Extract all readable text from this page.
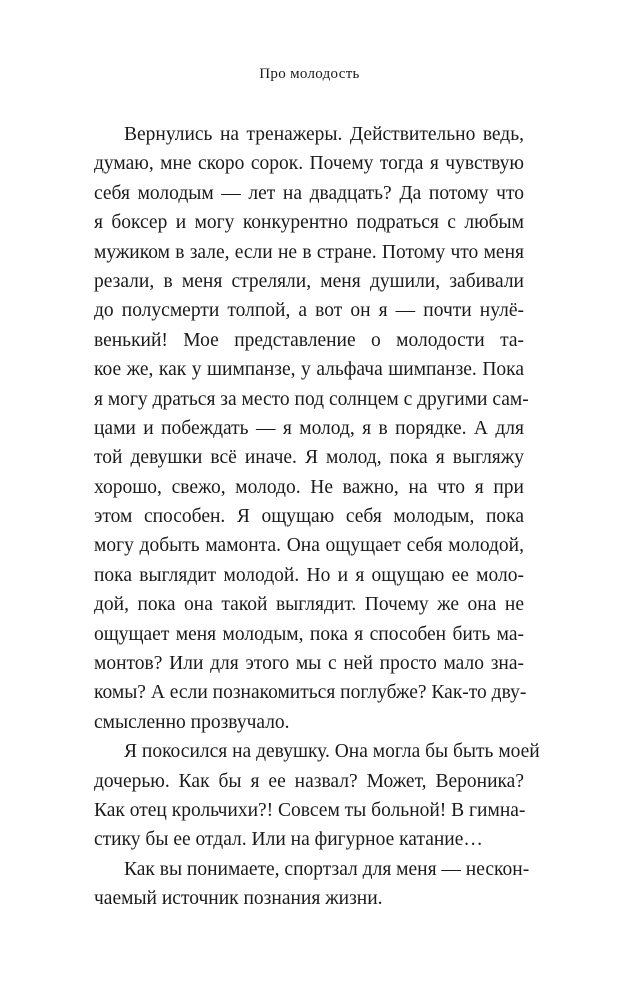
Про молодость
Вернулись на тренажеры. Действительно ведь,
думаю, мне скоро сорок. Почему тогда я чувствую
себя молодым — лет на двадцать? Да потому что
я боксер и могу конкурентно подраться с любым
мужиком в зале, если не в стране. Потому что меня
резали, в меня стреляли, меня душили, забивали
до полусмерти толпой, а вот он я — почти нулё-
венький! Мое представление о молодости та-
кое же, как у шимпанзе, у альфача шимпанзе. Пока
я могу драться за место под солнцем с другими сам-
цами и побеждать — я молод, я в порядке. А для
той девушки всё иначе. Я молод, пока я выгляжу
хорошо, свежо, молодо. Не важно, на что я при
этом способен. Я ощущаю себя молодым, пока
могу добыть мамонта. Она ощущает себя молодой,
пока выглядит молодой. Но и я ощущаю ее моло-
дой, пока она такой выглядит. Почему же она не
ощущает меня молодым, пока я способен бить ма-
монтов? Или для этого мы с ней просто мало зна-
комы? А если познакомиться поглубже? Как-то дву-
смысленно прозвучало.
Я покосился на девушку. Она могла бы быть моей
дочерью. Как бы я ее назвал? Может, Вероника?
Как отец крольчихи?! Совсем ты больной! В гимна-
стику бы ее отдал. Или на фигурное катание…
Как вы понимаете, спортзал для меня — нескон-
чаемый источник познания жизни.
